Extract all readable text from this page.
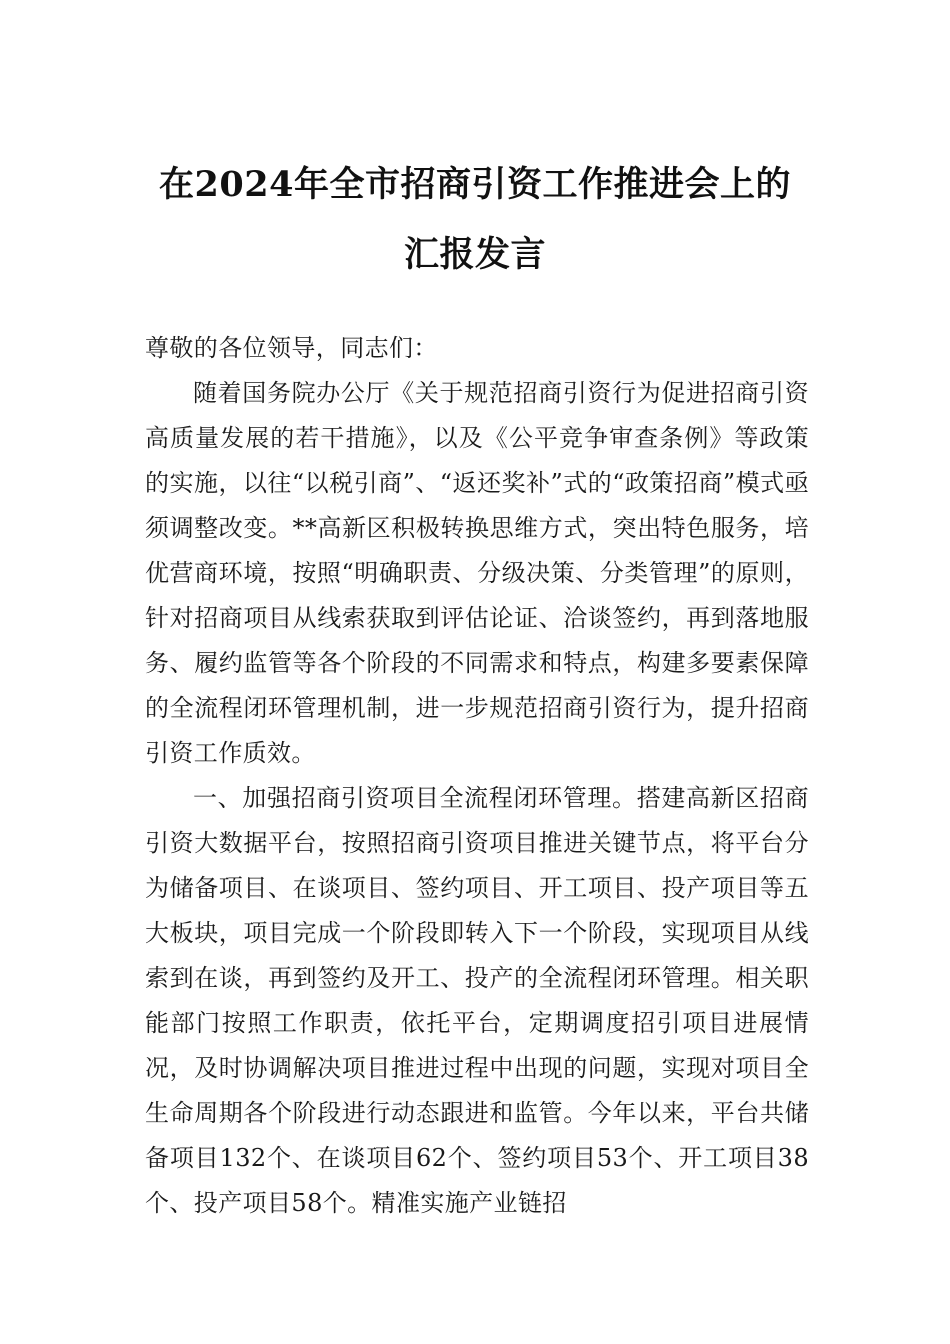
在2024年全市招商引资工作推进会上的汇报发言

尊敬的各位领导，同志们：

随着国务院办公厅《关于规范招商引资行为促进招商引资高质量发展的若干措施》，以及《公平竞争审查条例》等政策的实施，以往“以税引商”、“返还奖补”式的“政策招商”模式亟须调整改变。**高新区积极转换思维方式，突出特色服务，培优营商环境，按照“明确职责、分级决策、分类管理”的原则，针对招商项目从线索获取到评估论证、洽谈签约，再到落地服务、履约监管等各个阶段的不同需求和特点，构建多要素保障的全流程闭环管理机制，进一步规范招商引资行为，提升招商引资工作质效。

一、加强招商引资项目全流程闭环管理。搭建高新区招商引资大数据平台，按照招商引资项目推进关键节点，将平台分为储备项目、在谈项目、签约项目、开工项目、投产项目等五大板块，项目完成一个阶段即转入下一个阶段，实现项目从线索到在谈，再到签约及开工、投产的全流程闭环管理。相关职能部门按照工作职责，依托平台，定期调度招引项目进展情况，及时协调解决项目推进过程中出现的问题，实现对项目全生命周期各个阶段进行动态跟进和监管。今年以来，平台共储备项目132个、在谈项目62个、签约项目53个、开工项目38个、投产项目58个。精准实施产业链招
